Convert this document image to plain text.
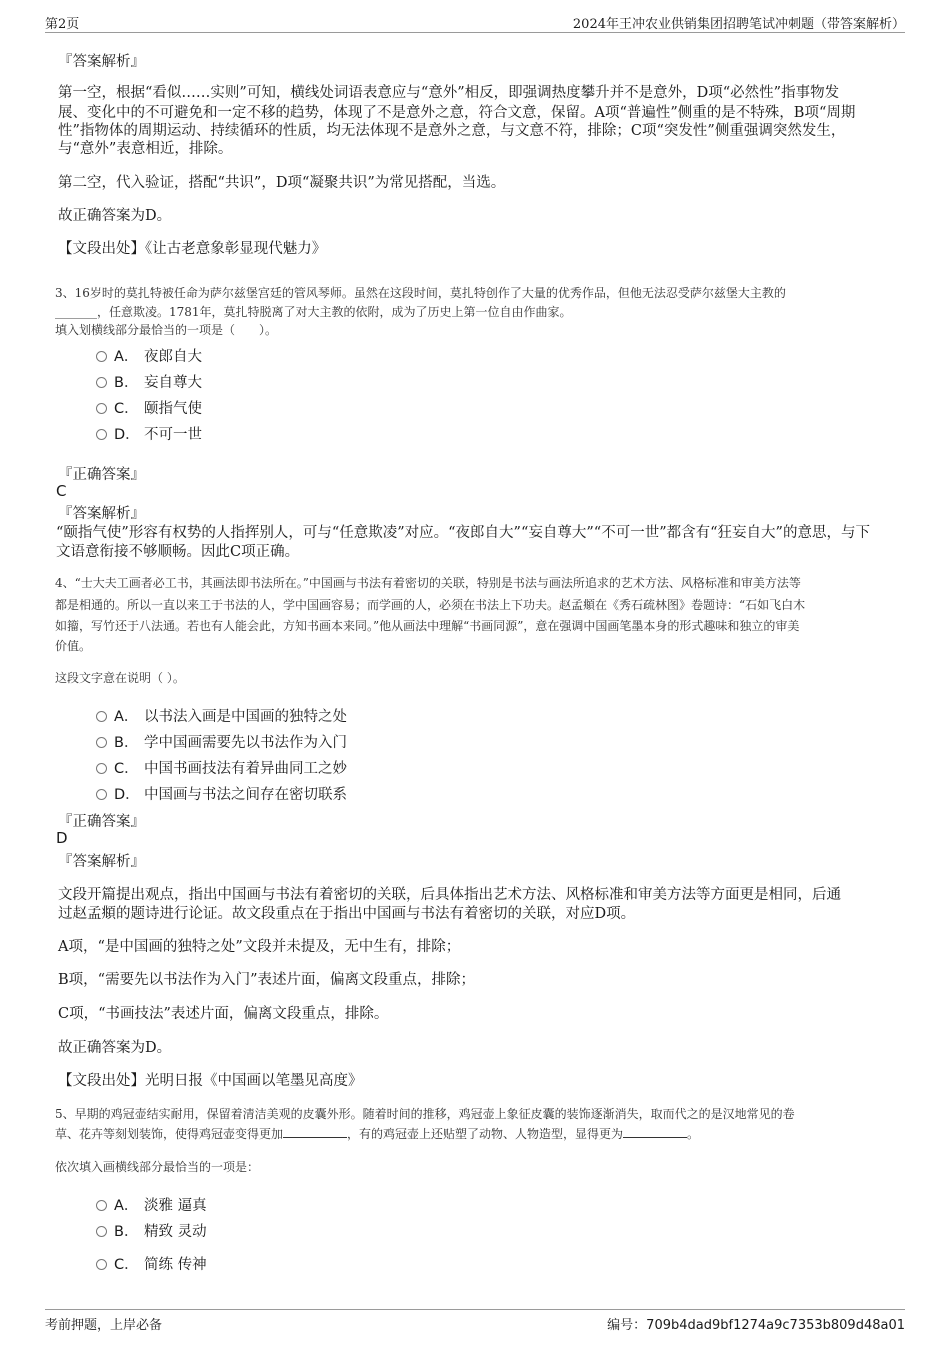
第2页	2024年王冲农业供销集团招聘笔试冲刺题（带答案解析）
『答案解析』
第一空，根据“看似……实则”可知，横线处词语表意应与“意外”相反，即强调热度攀升并不是意外，D项“必然性”指事物发
展、变化中的不可避免和一定不移的趋势，体现了不是意外之意，符合文意，保留。A项“普遍性”侧重的是不特殊，B项“周期
性”指物体的周期运动、持续循环的性质，均无法体现不是意外之意，与文意不符，排除；C项“突发性”侧重强调突然发生，
与“意外”表意相近，排除。
第二空，代入验证，搭配“共识”，D项“凝聚共识”为常见搭配，当选。
故正确答案为D。
【文段出处】《让古老意象彰显现代魅力》
3、16岁时的莫扎特被任命为萨尔兹堡宫廷的管风琴师。虽然在这段时间，莫扎特创作了大量的优秀作品，但他无法忍受萨尔兹堡大主教的
_______，任意欺凌。1781年，莫扎特脱离了对大主教的依附，成为了历史上第一位自由作曲家。
填入划横线部分最恰当的一项是（　　）。
A． 夜郎自大
B． 妄自尊大
C． 颐指气使
D． 不可一世
『正确答案』
C
『答案解析』
“颐指气使”形容有权势的人指挥别人，可与“任意欺凌”对应。“夜郎自大”“妄自尊大”“不可一世”都含有“狂妄自大”的意思，与下
文语意衔接不够顺畅。因此C项正确。
4、“士大夫工画者必工书，其画法即书法所在。”中国画与书法有着密切的关联，特别是书法与画法所追求的艺术方法、风格标准和审美方法等
都是相通的。所以一直以来工于书法的人，学中国画容易；而学画的人，必须在书法上下功夫。赵孟頫在《秀石疏林图》卷题诗：“石如飞白木
如籀，写竹还于八法通。若也有人能会此，方知书画本来同。”他从画法中理解“书画同源”，意在强调中国画笔墨本身的形式趣味和独立的审美
价值。
这段文字意在说明（ ）。
A． 以书法入画是中国画的独特之处
B． 学中国画需要先以书法作为入门
C． 中国书画技法有着异曲同工之妙
D． 中国画与书法之间存在密切联系
『正确答案』
D
『答案解析』
文段开篇提出观点，指出中国画与书法有着密切的关联，后具体指出艺术方法、风格标准和审美方法等方面更是相同，后通
过赵孟頫的题诗进行论证。故文段重点在于指出中国画与书法有着密切的关联，对应D项。
A项，“是中国画的独特之处”文段并未提及，无中生有，排除；
B项，“需要先以书法作为入门”表述片面，偏离文段重点，排除；
C项，“书画技法”表述片面，偏离文段重点，排除。
故正确答案为D。
【文段出处】光明日报《中国画以笔墨见高度》
5、早期的鸡冠壶结实耐用，保留着清洁美观的皮囊外形。随着时间的推移，鸡冠壶上象征皮囊的装饰逐渐消失，取而代之的是汉地常见的卷
草、花卉等刻划装饰，使得鸡冠壶变得更加	，有的鸡冠壶上还贴塑了动物、人物造型，显得更为	。
依次填入画横线部分最恰当的一项是：
A． 淡雅 逼真
B． 精致 灵动
C． 简练 传神
考前押题，上岸必备	编号：709b4dad9bf1274a9c7353b809d48a01
